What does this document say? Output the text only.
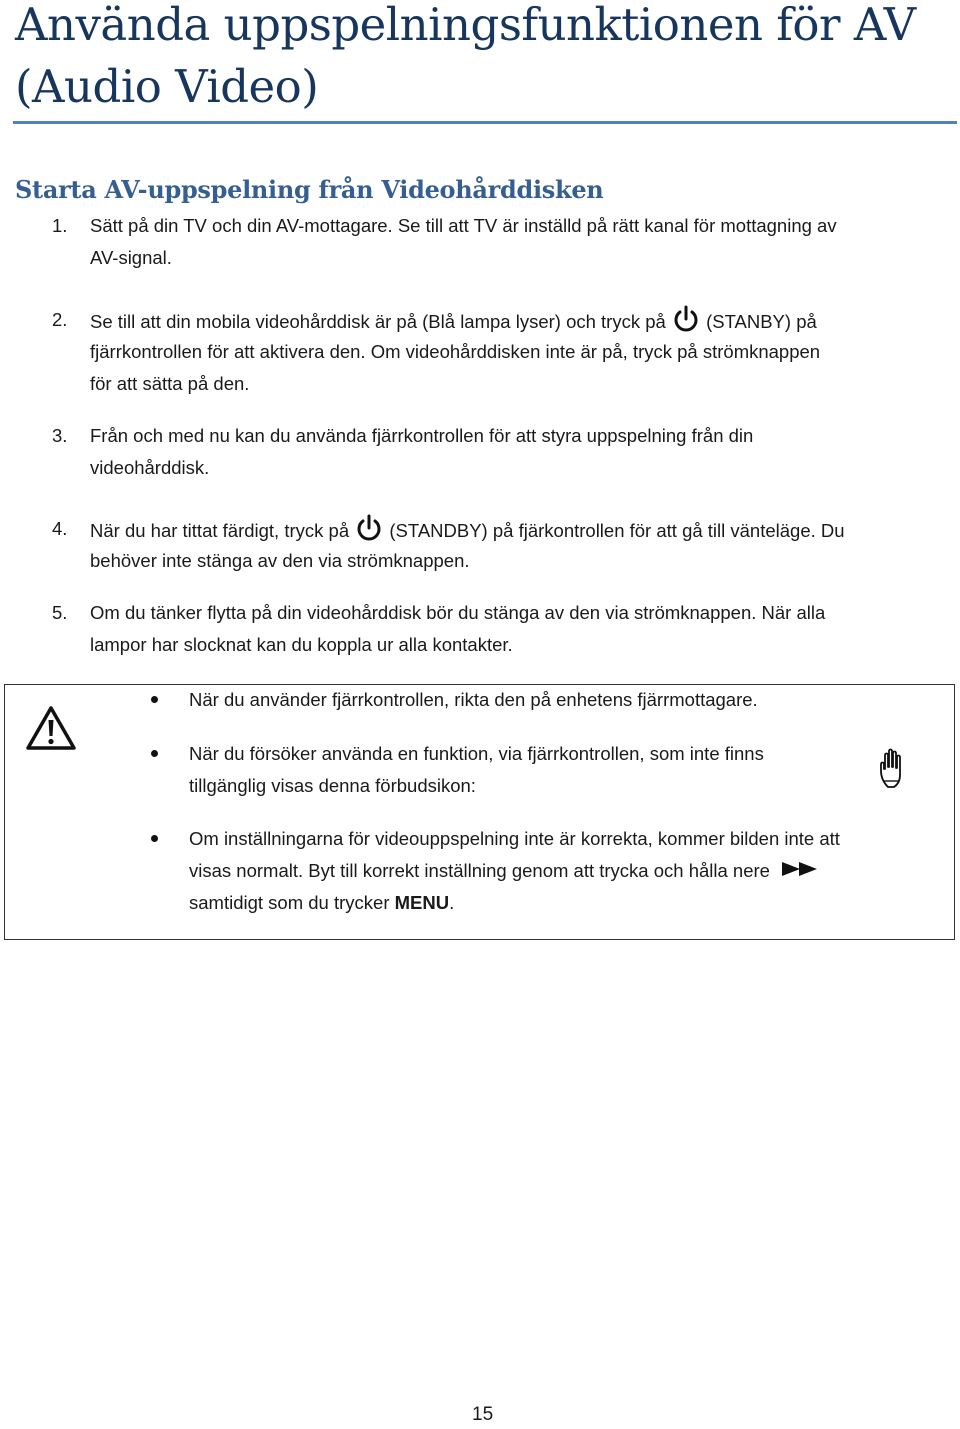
Använda uppspelningsfunktionen för AV
(Audio Video)
Starta AV-uppspelning från Videohårddisken
1. Sätt på din TV och din AV-mottagare. Se till att TV är inställd på rätt kanal för mottagning av
AV-signal.
2. Se till att din mobila videohårddisk är på (Blå lampa lyser) och tryck på (STANBY) på
fjärrkontrollen för att aktivera den. Om videohårddisken inte är på, tryck på strömknappen
för att sätta på den.
3. Från och med nu kan du använda fjärrkontrollen för att styra uppspelning från din
videohårddisk.
4. När du har tittat färdigt, tryck på (STANDBY) på fjärkontrollen för att gå till vänteläge. Du
behöver inte stänga av den via strömknappen.
5. Om du tänker flytta på din videohårddisk bör du stänga av den via strömknappen. När alla
lampor har slocknat kan du koppla ur alla kontakter.
När du använder fjärrkontrollen, rikta den på enhetens fjärrmottagare.
När du försöker använda en funktion, via fjärrkontrollen, som inte finns
tillgänglig visas denna förbudsikon:
Om inställningarna för videouppspelning inte är korrekta, kommer bilden inte att
visas normalt. Byt till korrekt inställning genom att trycka och hålla nere
samtidigt som du trycker MENU.
15
